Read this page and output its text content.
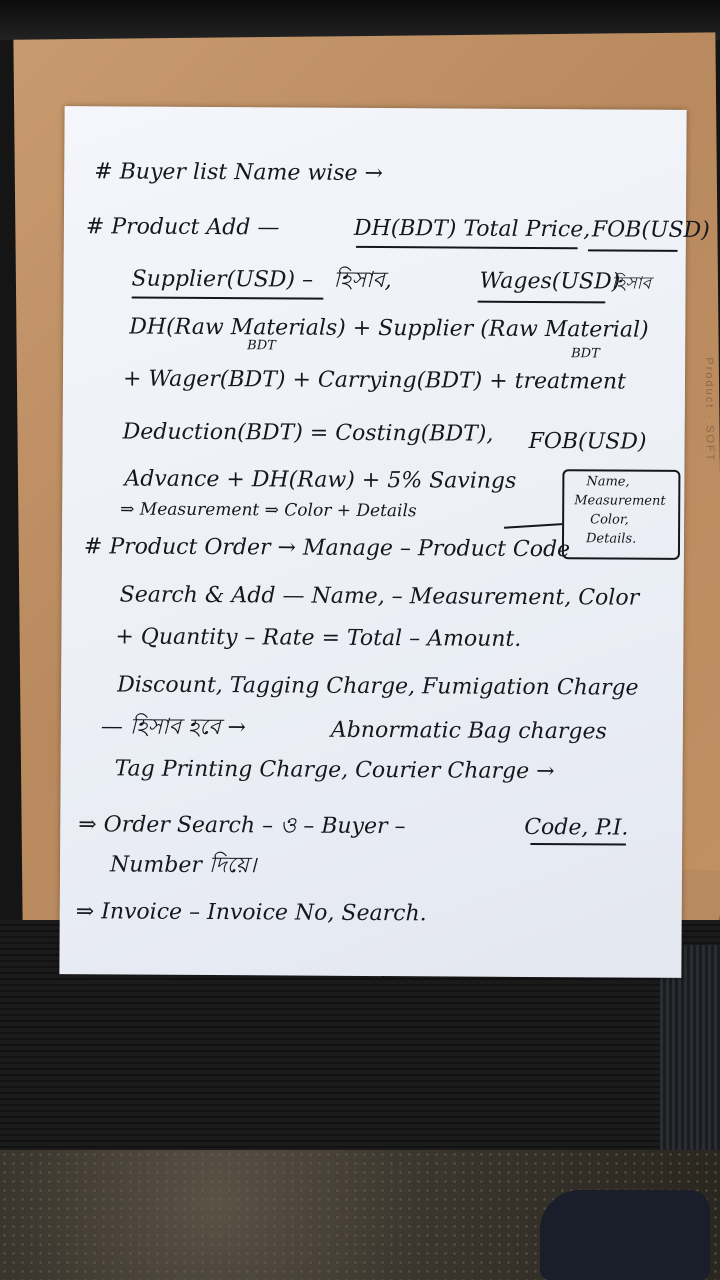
Product · SOFT

# Buyer list Name wise →

# Product Add —	DH(BDT) Total Price, FOB(USD)

Supplier(USD) – হিসাব,	Wages(USD)

হিসাব

DH(Raw Materials) + Supplier (Raw Material)

BDT

BDT

+ Wager(BDT) + Carrying(BDT) + treatment

Deduction(BDT) = Costing(BDT), FOB(USD)

Advance + DH(Raw) + 5% Savings	Name,

Measurement

Color,

Details.

⇒ Measurement ⇒ Color + Details

# Product Order → Manage – Product Code

Search & Add — Name, – Measurement, Color

+ Quantity – Rate = Total – Amount.

Discount, Tagging Charge, Fumigation Charge

— হিসাব হবে →	Abnormatic Bag charges

Tag Printing Charge, Courier Charge →

⇒ Order Search – ও – Buyer –	Code, P.I.

Number দিয়ে।

⇒ Invoice – Invoice No, Search.
